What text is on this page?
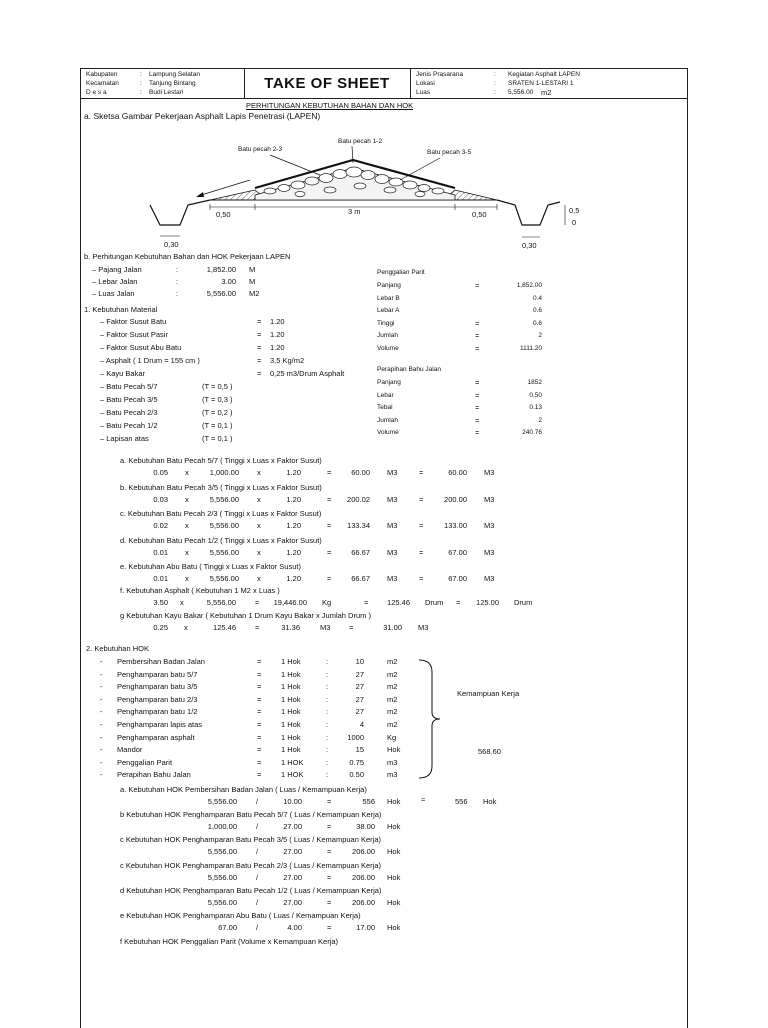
Kabupaten	: Lampung Selatan
Kecamatan	: Tanjung Bintang
D e s a	: Budi Lestari
TAKE OF SHEET
Jenis Prasarana	: Kegiatan Asphalt LAPEN
Lokasi	: SRATEN 1-LESTARI 1
Luas	: 5,556.00 m2
PERHITUNGAN KEBUTUHAN BAHAN DAN HOK
a. Sketsa Gambar Pekerjaan Asphalt Lapis Penetrasi (LAPEN)
Batu pecah 1-2
Batu pecah 2-3	Batu pecah 3-5
0,50	3 m	0,50
0,30	0,30
0,5
0
b. Perhitungan Kebutuhan Bahan dan HOK Pekerjaan LAPEN
– Pajang Jalan	:	1,852.00 M
– Lebar Jalan	:	3.00 M
– Luas Jalan	:	5,556.00 M2
1. Kebutuhan Material
– Faktor Susut Batu	= 1.20
– Faktor Susut Pasir	= 1.20
– Faktor Susut Abu Batu	= 1.20
– Asphalt ( 1 Drum = 155 cm )	= 3,5 Kg/m2
– Kayu Bakar	= 0,25 m3/Drum Asphalt
– Batu Pecah 5/7	(T = 0,5 )
– Batu Pecah 3/5	(T = 0,3 )
– Batu Pecah 2/3	(T = 0,2 )
– Batu Pecah 1/2	(T = 0,1 )
– Lapisan atas	(T = 0,1 )
Penggalian Parit
Panjang	=	1,852.00
Lebar B	0.4
Lebar A	0.6
Tinggi	=	0.6
Jumlah	=	2
Volume	=	1111.20
Perapihan Bahu Jalan
Panjang	=	1852
Lebar	=	0.50
Tebal	=	0.13
Jumlah	=	2
Volume	=	240.76
a. Kebutuhan Batu Pecah 5/7 ( Tinggi x Luas x Faktor Susut)
0.05 x	1,000.00 x	1.20	=	60.00 M3	=	60.00 M3
b. Kebutuhan Batu Pecah 3/5 ( Tinggi x Luas x Faktor Susut)
0.03 x	5,556.00 x	1.20	= 200.02 M3	=	200.00 M3
c. Kebutuhan Batu Pecah 2/3 ( Tinggi x Luas x Faktor Susut)
0.02 x	5,556.00 x	1.20	= 133.34 M3	=	133.00 M3
d. Kebutuhan Batu Pecah 1/2 ( Tinggi x Luas x Faktor Susut)
0.01 x	5,556.00 x	1.20	=	66.67 M3	=	67.00 M3
e. Kebutuhan Abu Batu ( Tinggi x Luas x Faktor Susut)
0.01 x	5,556.00 x	1.20	=	66.67 M3	=	67.00 M3
f. Kebutuhan Asphalt ( Kebutuhan 1 M2 x Luas )
3.50 x	5,556.00	= 19,446.00 Kg	= 125.46 Drum = 125.00 Drum
g Kebutuhan Kayu Bakar ( Kebutuhan 1 Drum Kayu Bakar x Jumlah Drum )
0.25 x	125.46	=	31.36	M3 =	31.00 M3
2. Kebutuhan HOK
- Pembersihan Badan Jalan	=	1 Hok	:	10	m2
- Penghamparan batu 5/7	=	1 Hok	:	27	m2
- Penghamparan batu 3/5	=	1 Hok	:	27	m2
- Penghamparan batu 2/3	=	1 Hok	:	27	m2
- Penghamparan batu 1/2	=	1 Hok	:	27	m2
- Penghamparan lapis atas	=	1 Hok	:	4	m2
- Penghamparan asphalt	=	1 Hok	:	1000	Kg
- Mandor	=	1 Hok	:	15	Hok
- Penggalian Parit	=	1 HOK	:	0.75	m3
- Perapihan Bahu Jalan	=	1 HOK	:	0.50	m3
Kemampuan Kerja
568.60
a. Kebutuhan HOK Pembersihan Badan Jalan ( Luas / Kemampuan Kerja)
5,556.00	/	10.00	=	556 Hok	≈	556 Hok
b Kebutuhan HOK Penghamparan Batu Pecah 5/7 ( Luas / Kemampuan Kerja)
1,000.00	/	27.00	=	38.00 Hok
c Kebutuhan HOK Penghamparan Batu Pecah 3/5 ( Luas / Kemampuan Kerja)
5,556.00	/	27.00	=	206.00 Hok
c Kebutuhan HOK Penghamparan Batu Pecah 2/3 ( Luas / Kemampuan Kerja)
5,556.00	/	27.00	=	206.00 Hok
d Kebutuhan HOK Penghamparan Batu Pecah 1/2 ( Luas / Kemampuan Kerja)
5,556.00	/	27.00	=	206.00 Hok
e Kebutuhan HOK Penghamparan Abu Batu ( Luas / Kemampuan Kerja)
67.00	/	4.00	=	17.00 Hok
f Kebutuhan HOK Penggalian Parit (Volume x Kemampuan Kerja)
